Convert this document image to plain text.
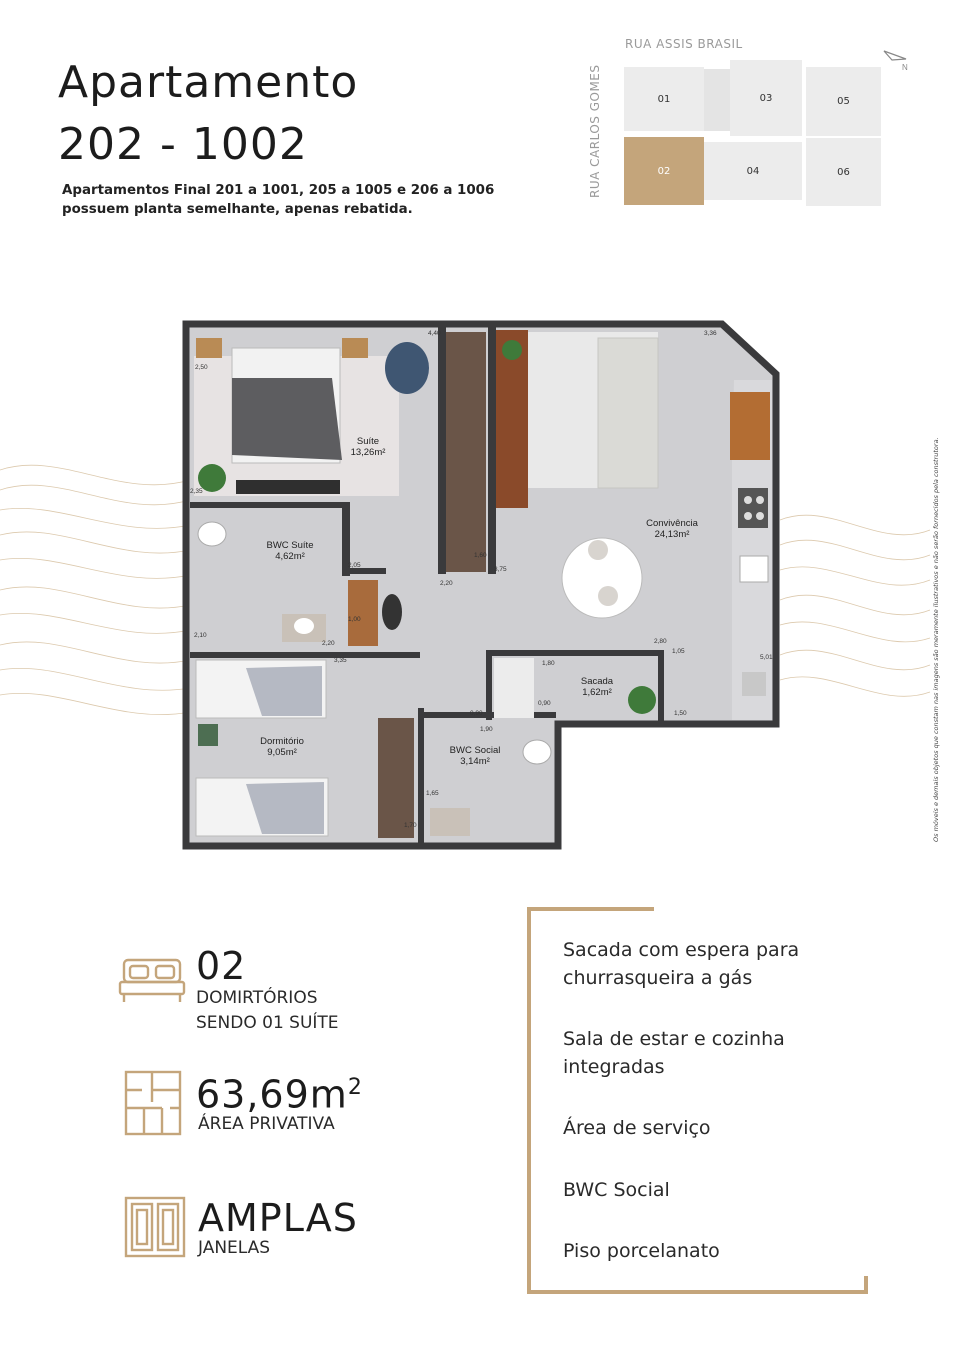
Apartamento
202 - 1002
Apartamentos Final 201 a 1001, 205 a 1005 e 206 a 1006 possuem planta semelhante, apenas rebatida.
RUA ASSIS BRASIL
RUA CARLOS GOMES	01	03	05
02	04	06
N
Suíte
13,26m²
BWC Suíte
4,62m²
Convivência
24,13m²
Sacada
1,62m²
Dormitório
9,05m²	BWC Social
3,14m²
4,40	3,36
2,50
2,35
2,05
2,20
3,75
1,60
2,10
1,00
2,20
3,35	1,80
2,80
1,05
5,01
0,90
1,90
0,90
1,50
1,65
1,70	Os móveis e demais objetos que constam nas imagens são meramente ilustrativos e não serão fornecidos pela construtora.
02
DOMIRTÓRIOS
SENDO 01 SUÍTE
$63,69m^2$
ÁREA PRIVATIVA
AMPLAS
JANELAS
Sacada com espera para churrasqueira a gás
Sala de estar e cozinha integradas
Área de serviço
BWC Social
Piso porcelanato
